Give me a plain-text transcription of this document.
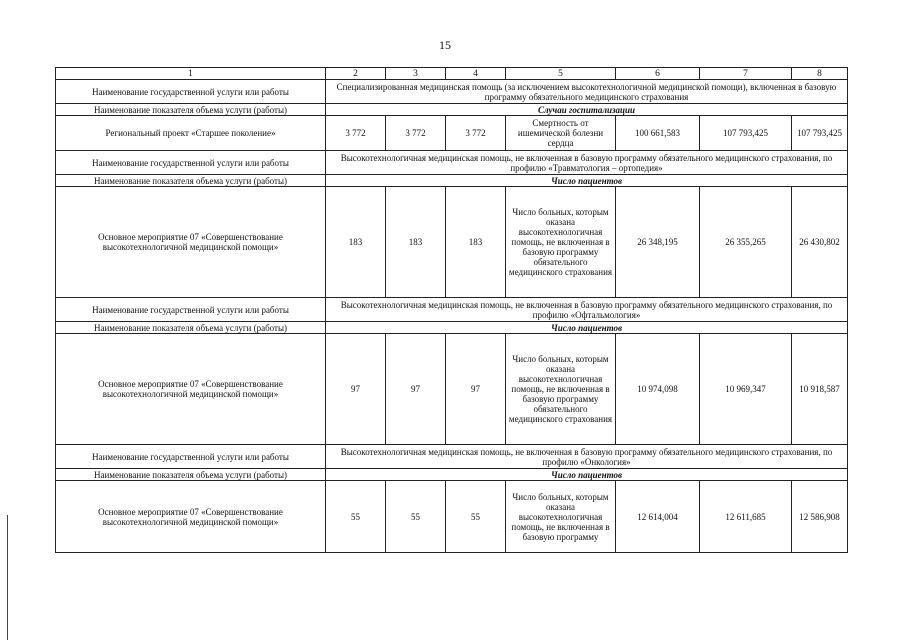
15
1	2	3	4	5	6	7	8
Наименование государственной услуги или работы	Специализированная медицинская помощь (за исключением высокотехнологичной медицинской помощи), включенная в базовую программу обязательного медицинского страхования						
Наименование показателя объема услуги (работы)	Случаи госпитализации						
Региональный проект «Старшее поколение»	3 772	3 772	3 772	Смертность от ишемической болезни сердца	100 661,583	107 793,425	107 793,425
Наименование государственной услуги или работы	Высокотехнологичная медицинская помощь, не включенная в базовую программу обязательного медицинского страхования, по профилю «Травматология – ортопедия»						
Наименование показателя объема услуги (работы)	Число пациентов						
Основное мероприятие 07 «Совершенствование высокотехнологичной медицинской помощи»	183	183	183	Число больных, которым оказана высокотехнологичная помощь, не включенная в базовую программу обязательного медицинского страхования	26 348,195	26 355,265	26 430,802
Наименование государственной услуги или работы	Высокотехнологичная медицинская помощь, не включенная в базовую программу обязательного медицинского страхования, по профилю «Офтальмология»						
Наименование показателя объема услуги (работы)	Число пациентов						
Основное мероприятие 07 «Совершенствование высокотехнологичной медицинской помощи»	97	97	97	Число больных, которым оказана высокотехнологичная помощь, не включенная в базовую программу обязательного медицинского страхования	10 974,098	10 969,347	10 918,587
Наименование государственной услуги или работы	Высокотехнологичная медицинская помощь, не включенная в базовую программу обязательного медицинского страхования, по профилю «Онкология»						
Наименование показателя объема услуги (работы)	Число пациентов						
Основное мероприятие 07 «Совершенствование высокотехнологичной медицинской помощи»	55	55	55	Число больных, которым оказана высокотехнологичная помощь, не включенная в базовую программу	12 614,004	12 611,685	12 586,908
